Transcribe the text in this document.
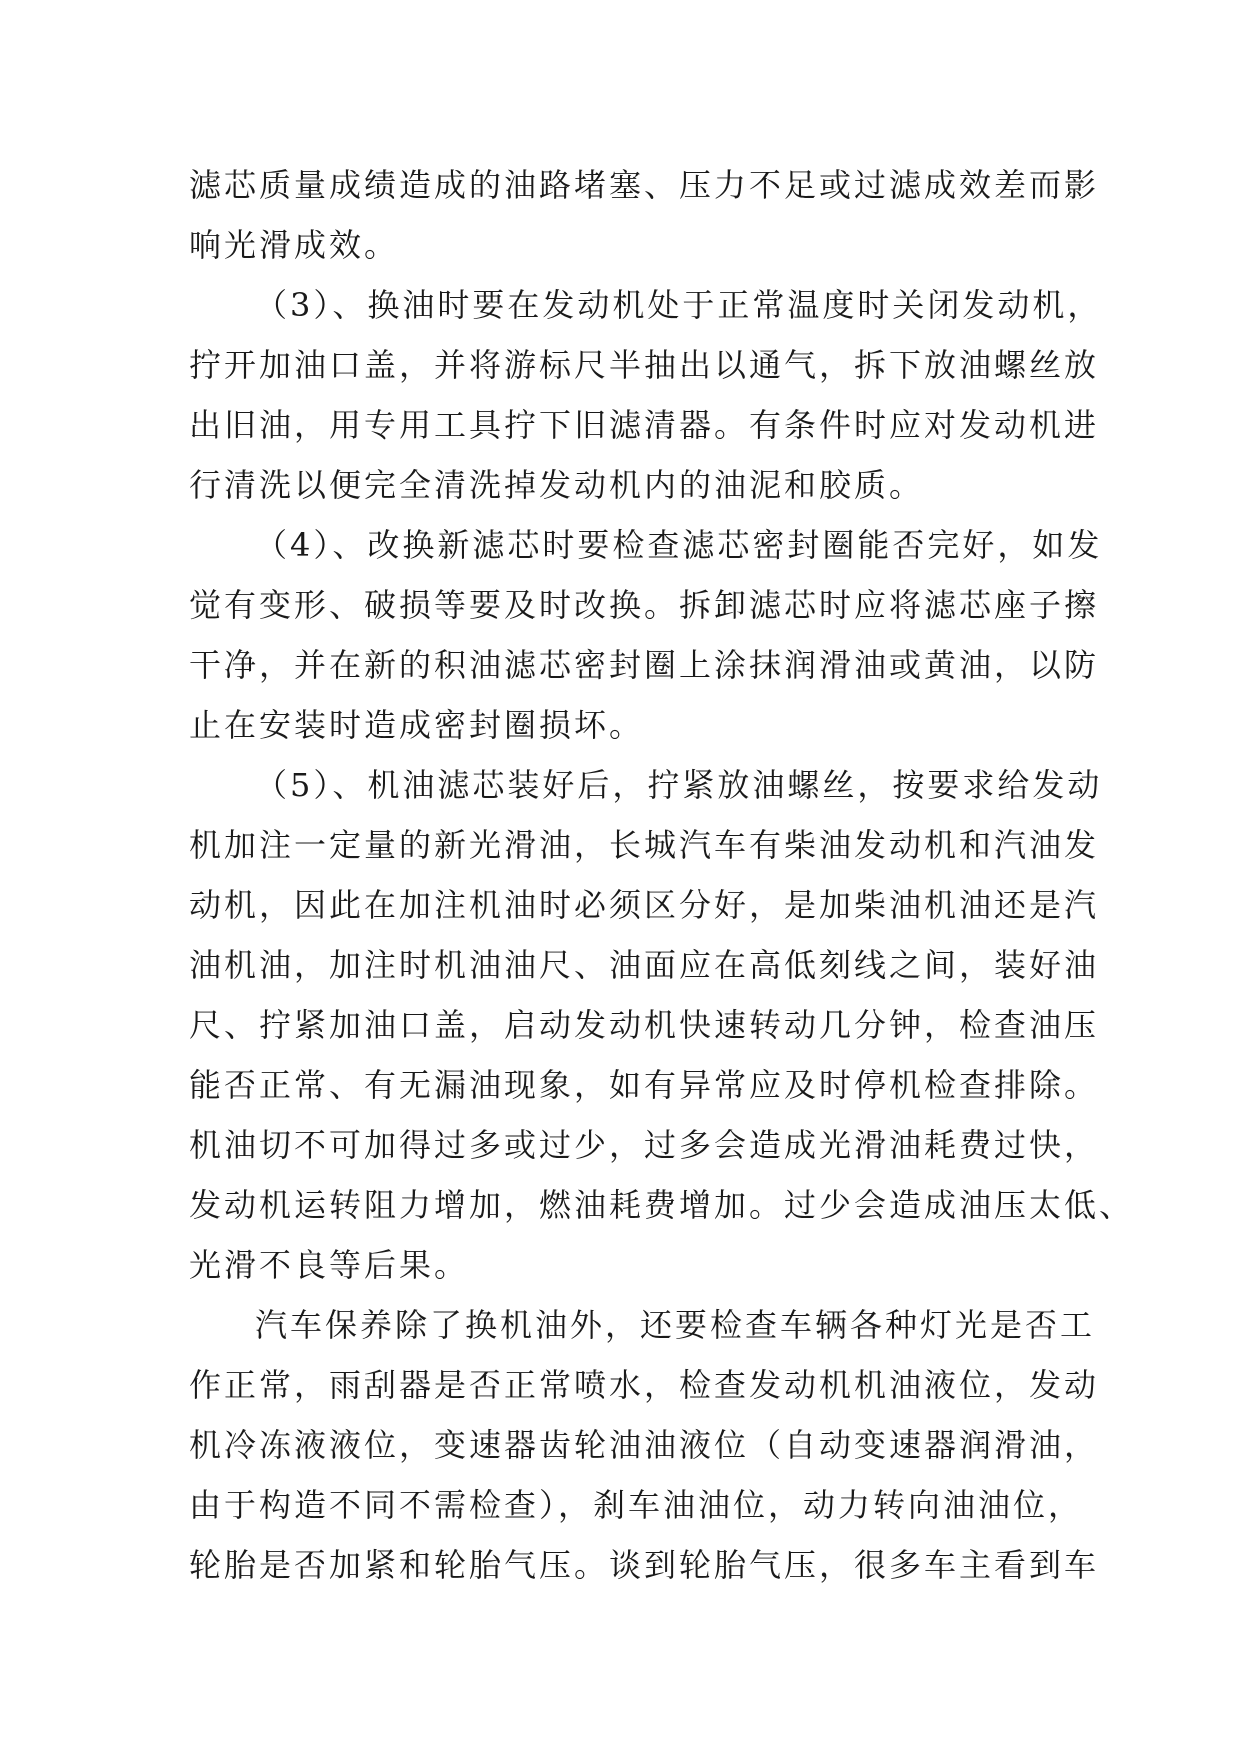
滤芯质量成绩造成的油路堵塞、压力不足或过滤成效差而影
响光滑成效。
（3）、换油时要在发动机处于正常温度时关闭发动机，
拧开加油口盖，并将游标尺半抽出以通气，拆下放油螺丝放
出旧油，用专用工具拧下旧滤清器。有条件时应对发动机进
行清洗以便完全清洗掉发动机内的油泥和胶质。
（4）、改换新滤芯时要检查滤芯密封圈能否完好，如发
觉有变形、破损等要及时改换。拆卸滤芯时应将滤芯座子擦
干净，并在新的积油滤芯密封圈上涂抹润滑油或黄油，以防
止在安装时造成密封圈损坏。
（5）、机油滤芯装好后，拧紧放油螺丝，按要求给发动
机加注一定量的新光滑油，长城汽车有柴油发动机和汽油发
动机，因此在加注机油时必须区分好，是加柴油机油还是汽
油机油，加注时机油油尺、油面应在高低刻线之间，装好油
尺、拧紧加油口盖，启动发动机快速转动几分钟，检查油压
能否正常、有无漏油现象，如有异常应及时停机检查排除。
机油切不可加得过多或过少，过多会造成光滑油耗费过快，
发动机运转阻力增加，燃油耗费增加。过少会造成油压太低、
光滑不良等后果。
汽车保养除了换机油外，还要检查车辆各种灯光是否工
作正常，雨刮器是否正常喷水，检查发动机机油液位，发动
机冷冻液液位，变速器齿轮油油液位（自动变速器润滑油，
由于构造不同不需检查），刹车油油位，动力转向油油位，
轮胎是否加紧和轮胎气压。谈到轮胎气压，很多车主看到车
